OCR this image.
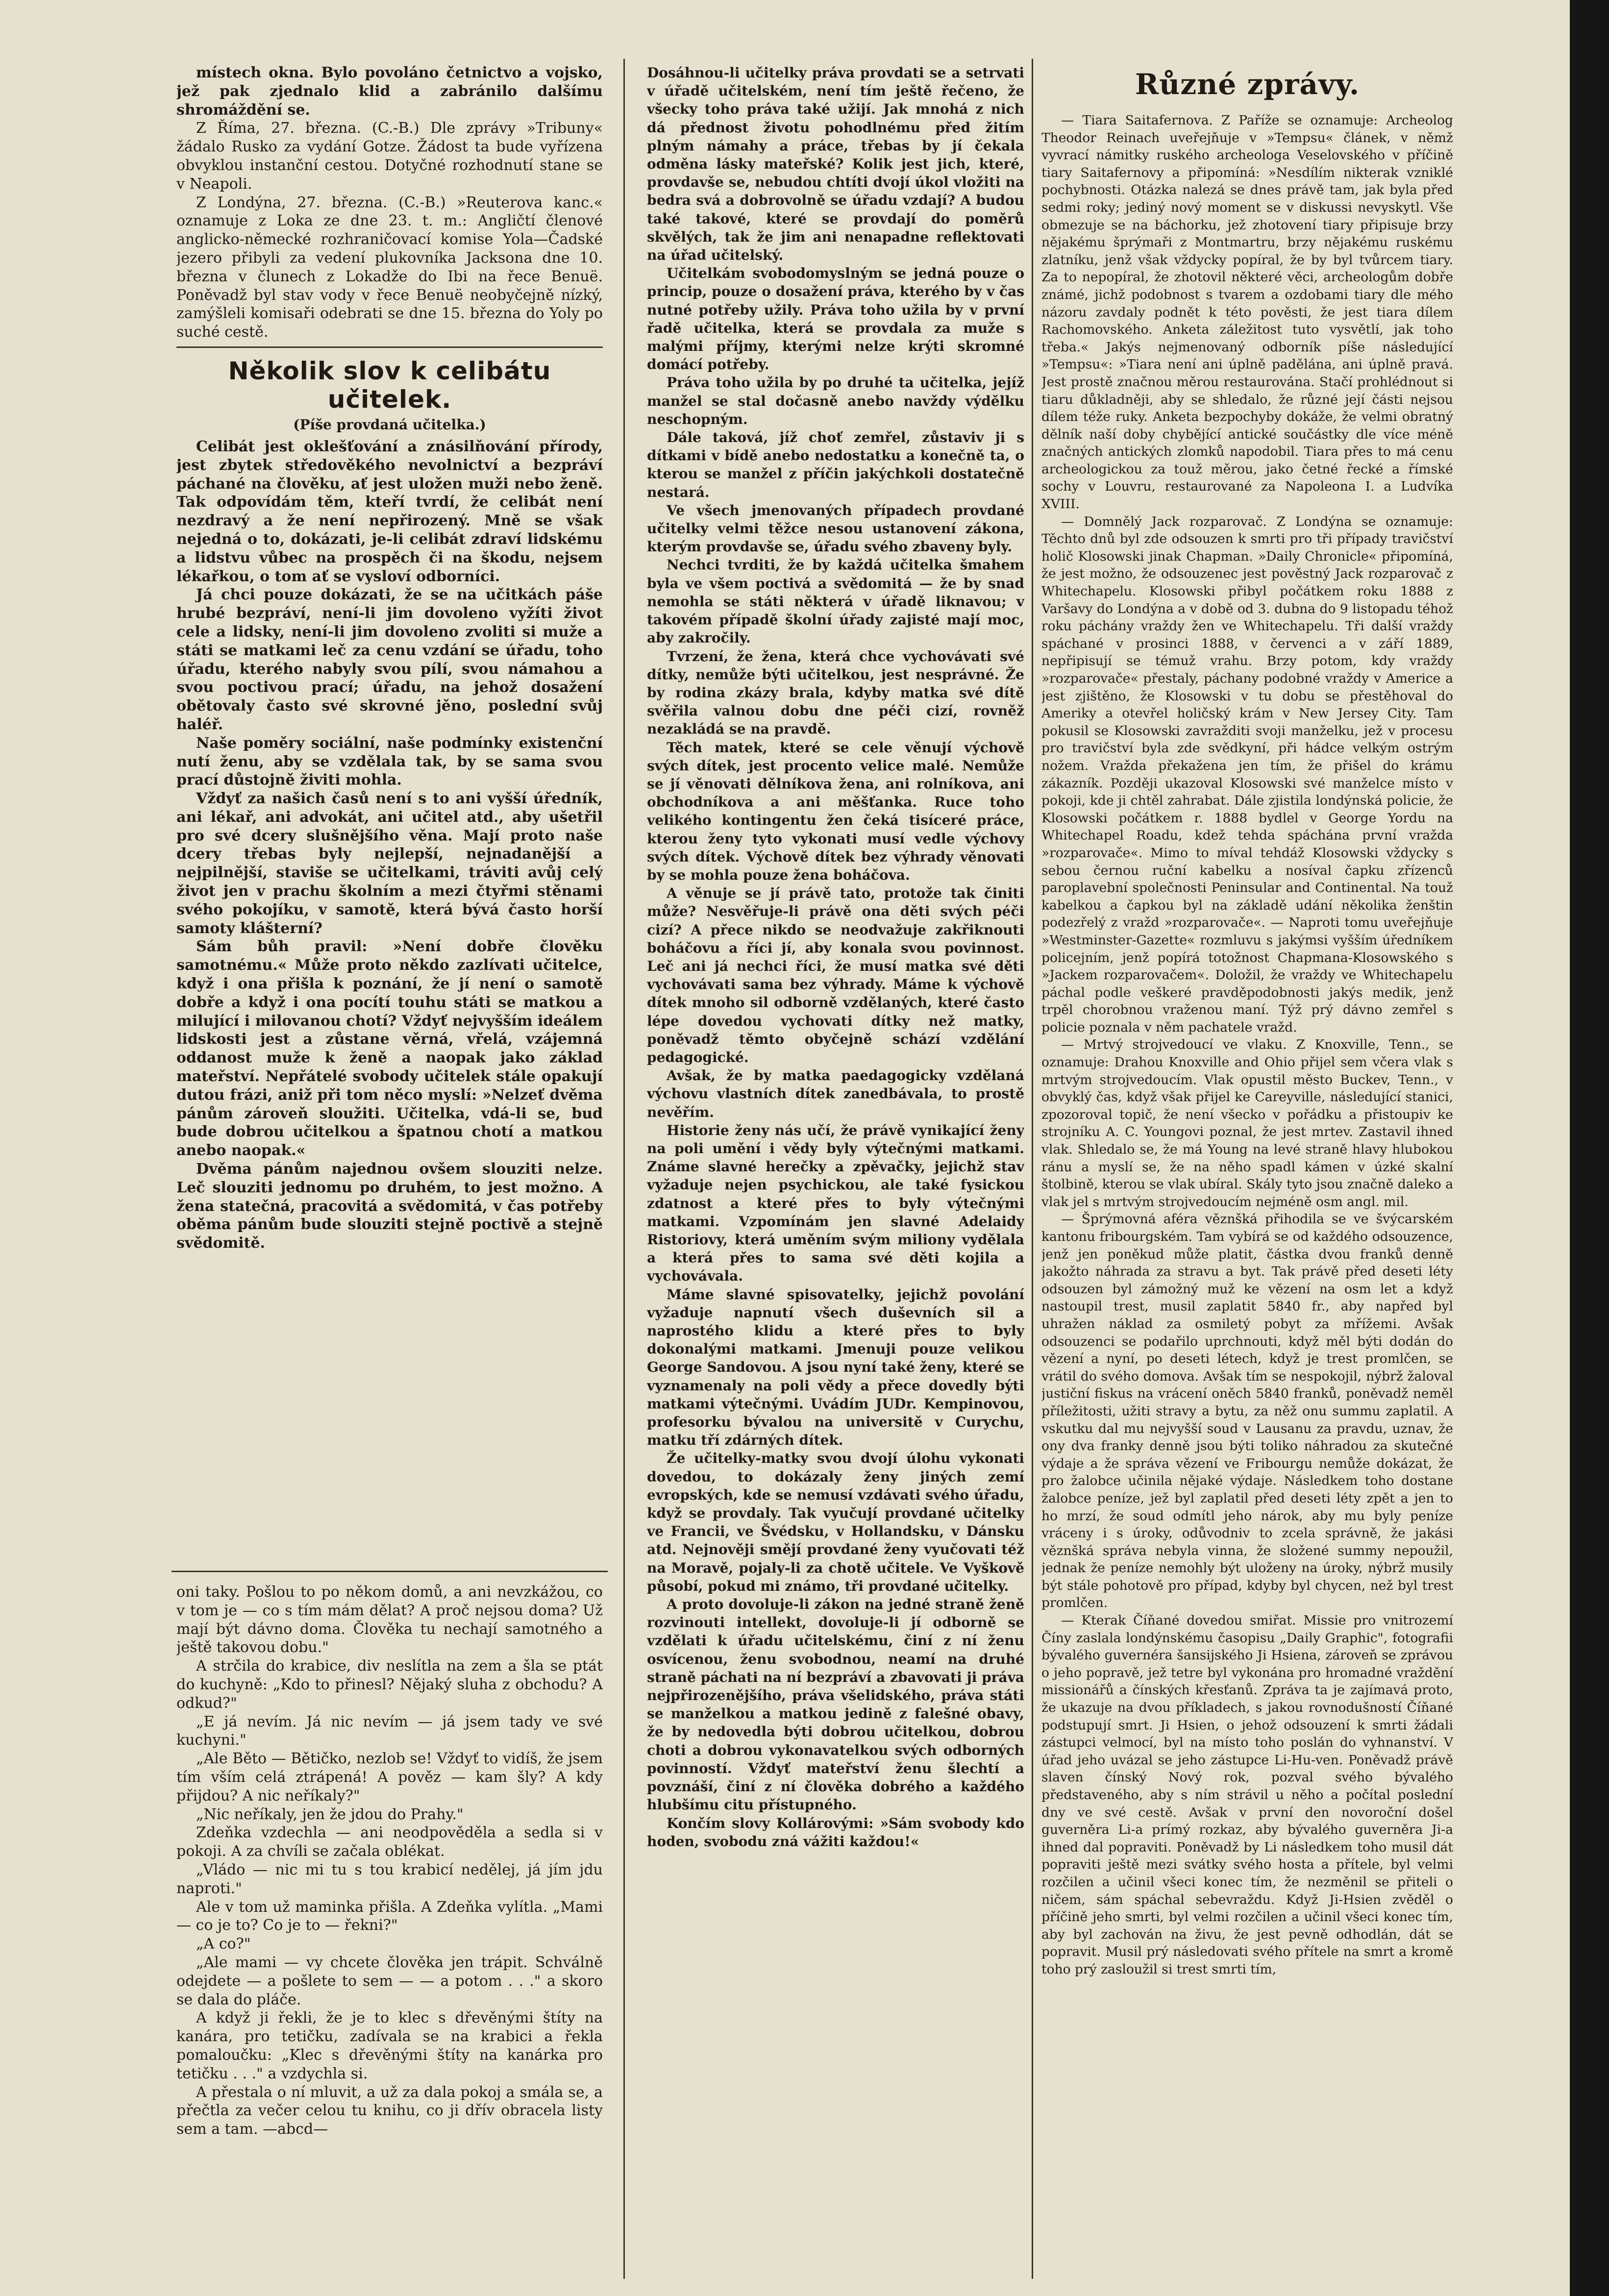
místech okna. Bylo povoláno četnictvo a vojsko, jež pak zjednalo klid a zabránilo dalšímu shromáždění se.

Z Říma, 27. března. (C.-B.) Dle zprávy »Tribuny« žádalo Rusko za vydání Gotze. Žádost ta bude vyřízena obvyklou instanční cestou. Dotyčné rozhodnutí stane se v Neapoli.

Z Londýna, 27. března. (C.-B.) »Reuterova kanc.« oznamuje z Loka ze dne 23. t. m.: Angličtí členové anglicko-německé rozhraničovací komise Yola—Čadské jezero přibyli za vedení plukovníka Jacksona dne 10. března v člunech z Lokadže do Ibi na řece Benuë. Poněvadž byl stav vody v řece Benuë neobyčejně nízký, zamýšleli komisaři odebrati se dne 15. března do Yoly po suché cestě.

Několik slov k celibátu učitelek.
(Píše provdaná učitelka.)

Celibát jest oklešťování a znásilňování přírody, jest zbytek středověkého nevolnictví a bezpráví páchané na člověku, ať jest uložen muži nebo ženě. Tak odpovídám těm, kteří tvrdí, že celibát není nezdravý a že není nepřirozený. Mně se však nejedná o to, dokázati, je-li celibát zdraví lidskému a lidstvu vůbec na prospěch či na škodu, nejsem lékařkou, o tom ať se vysloví odborníci.

Já chci pouze dokázati, že se na učitkách páše hrubé bezpráví, není-li jim dovoleno vyžíti život cele a lidsky, není-li jim dovoleno zvoliti si muže a státi se matkami leč za cenu vzdání se úřadu, toho úřadu, kterého nabyly svou pílí, svou námahou a svou poctivou prací; úřadu, na jehož dosažení obětovaly často své skrovné jěno, poslední svůj haléř.

Naše poměry sociální, naše podmínky existenční nutí ženu, aby se vzdělala tak, by se sama svou prací důstojně živiti mohla.

Vždyť za našich časů není s to ani vyšší úředník, ani lékař, ani advokát, ani učitel atd., aby ušetřil pro své dcery slušnějšího věna. Mají proto naše dcery třebas byly nejlepší, nejnadanější a nejpilnější, staviše se učitelkami, tráviti avůj celý život jen v prachu školním a mezi čtyřmi stěnami svého pokojíku, v samotě, která bývá často horší samoty klášterní?

Sám bůh pravil: »Není dobře člověku samotnému.« Může proto někdo zazlívati učitelce, když i ona přišla k poznání, že jí není o samotě dobře a když i ona pocítí touhu státi se matkou a milující i milovanou chotí? Vždyť nejvyšším ideálem lidskosti jest a zůstane věrná, vřelá, vzájemná oddanost muže k ženě a naopak jako základ mateřství. Nepřátelé svobody učitelek stále opakují dutou frázi, aniž při tom něco myslí: »Nelzeť dvěma pánům zároveň sloužiti. Učitelka, vdá-li se, buď bude dobrou učitelkou a špatnou chotí a matkou anebo naopak.«

Dvěma pánům najednou ovšem slouziti nelze. Leč slouziti jednomu po druhém, to jest možno. A žena statečná, pracovitá a svědomitá, v čas potřeby oběma pánům bude slouziti stejně poctivě a stejně svědomitě.

oni taky. Pošlou to po někom domů, a ani nevzkážou, co v tom je — co s tím mám dělat? A proč nejsou doma? Už mají být dávno doma. Člověka tu nechají samotného a ještě takovou dobu."

A strčila do krabice, div neslítla na zem a šla se ptát do kuchyně: „Kdo to přinesl? Nějaký sluha z obchodu? A odkud?"

„E já nevím. Já nic nevím — já jsem tady ve své kuchyni."

„Ale Běto — Bětičko, nezlob se! Vždyť to vidíš, že jsem tím vším celá ztrápená! A pověz — kam šly? A kdy přijdou? A nic neříkaly?"

„Nic neříkaly, jen že jdou do Prahy."

Zdeňka vzdechla — ani neodpověděla a sedla si v pokoji. A za chvíli se začala oblékat.

„Vládo — nic mi tu s tou krabicí nedělej, já jím jdu naproti."

Ale v tom už maminka přišla. A Zdeňka vylítla. „Mami — co je to? Co je to — řekni?"

„A co?"

„Ale mami — vy chcete člověka jen trápit. Schválně odejdete — a pošlete to sem — — a potom . . ." a skoro se dala do pláče.

A když ji řekli, že je to klec s dřevěnými štíty na kanára, pro tetičku, zadívala se na krabici a řekla pomaloučku: „Klec s dřevěnými štíty na kanárka pro tetičku . . ." a vzdychla si.

A přestala o ní mluvit, a už za dala pokoj a smála se, a přečtla za večer celou tu knihu, co ji dřív obracela listy sem a tam. —abcd—

Dosáhnou-li učitelky práva provdati se a setrvati v úřadě učitelském, není tím ještě řečeno, že všecky toho práva také užijí. Jak mnohá z nich dá přednost životu pohodlnému před žitím plným námahy a práce, třebas by jí čekala odměna lásky mateřské? Kolik jest jich, které, provdavše se, nebudou chtíti dvojí úkol vložiti na bedra svá a dobrovolně se úřadu vzdají? A budou také takové, které se provdají do poměrů skvělých, tak že jim ani nenapadne reflektovati na úřad učitelský.

Učitelkám svobodomyslným se jedná pouze o princip, pouze o dosažení práva, kterého by v čas nutné potřeby užily. Práva toho užila by v první řadě učitelka, která se provdala za muže s malými příjmy, kterými nelze krýti skromné domácí potřeby.

Práva toho užila by po druhé ta učitelka, jejíž manžel se stal dočasně anebo navždy výdělku neschopným.

Dále taková, jíž choť zemřel, zůstaviv ji s dítkami v bídě anebo nedostatku a konečně ta, o kterou se manžel z příčin jakýchkoli dostatečně nestará.

Ve všech jmenovaných případech provdané učitelky velmi těžce nesou ustanovení zákona, kterým provdavše se, úřadu svého zbaveny byly.

Nechci tvrditi, že by každá učitelka šmahem byla ve všem poctivá a svědomitá — že by snad nemohla se státi některá v úřadě liknavou; v takovém případě školní úřady zajisté mají moc, aby zakročily.

Tvrzení, že žena, která chce vychovávati své dítky, nemůže býti učitelkou, jest nesprávné. Že by rodina zkázy brala, kdyby matka své dítě svěřila valnou dobu dne péči cizí, rovněž nezakládá se na pravdě.

Těch matek, které se cele věnují výchově svých dítek, jest procento velice malé. Nemůže se jí věnovati dělníkova žena, ani rolníkova, ani obchodníkova a ani měšťanka. Ruce toho velikého kontingentu žen čeká tisíceré práce, kterou ženy tyto vykonati musí vedle výchovy svých dítek. Výchově dítek bez výhrady věnovati by se mohla pouze žena boháčova.

A věnuje se jí právě tato, protože tak činiti může? Nesvěřuje-li právě ona děti svých péči cizí? A přece nikdo se neodvažuje zakřiknouti boháčovu a říci jí, aby konala svou povinnost. Leč ani já nechci říci, že musí matka své děti vychovávati sama bez výhrady. Máme k výchově dítek mnoho sil odborně vzdělaných, které často lépe dovedou vychovati dítky než matky, poněvadž těmto obyčejně schází vzdělání pedagogické.

Avšak, že by matka paedagogicky vzdělaná výchovu vlastních dítek zanedbávala, to prostě nevěřím.

Historie ženy nás učí, že právě vynikající ženy na poli umění i vědy byly výtečnými matkami. Známe slavné herečky a zpěvačky, jejichž stav vyžaduje nejen psychickou, ale také fysickou zdatnost a které přes to byly výtečnými matkami. Vzpomínám jen slavné Adelaidy Ristoriovy, která uměním svým miliony vydělala a která přes to sama své děti kojila a vychovávala.

Máme slavné spisovatelky, jejichž povolání vyžaduje napnutí všech duševních sil a naprostého klidu a které přes to byly dokonalými matkami. Jmenuji pouze velikou George Sandovou. A jsou nyní také ženy, které se vyznamenaly na poli vědy a přece dovedly býti matkami výtečnými. Uvádím JUDr. Kempinovou, profesorku bývalou na universitě v Curychu, matku tří zdárných dítek.

Že učitelky-matky svou dvojí úlohu vykonati dovedou, to dokázaly ženy jiných zemí evropských, kde se nemusí vzdávati svého úřadu, když se provdaly. Tak vyučují provdané učitelky ve Francii, ve Švédsku, v Hollandsku, v Dánsku atd. Nejnověji smějí provdané ženy vyučovati též na Moravě, pojaly-li za chotě učitele. Ve Vyškově působí, pokud mi známo, tři provdané učitelky.

A proto dovoluje-li zákon na jedné straně ženě rozvinouti intellekt, dovoluje-li jí odborně se vzdělati k úřadu učitelskému, činí z ní ženu osvícenou, ženu svobodnou, neamí na druhé straně páchati na ní bezpráví a zbavovati ji práva nejpřirozenějšího, práva všelidského, práva státi se manželkou a matkou jedině z falešné obavy, že by nedovedla býti dobrou učitelkou, dobrou choti a dobrou vykonavatelkou svých odborných povinností. Vždyť mateřství ženu šlechtí a povznáší, činí z ní člověka dobrého a každého hlubšímu citu přístupného.

Končím slovy Kollárovými: »Sám svobody kdo hoden, svobodu zná vážiti každou!«

Různé zprávy.

— Tiara Saitafernova. Z Paříže se oznamuje: Archeolog Theodor Reinach uveřejňuje v »Tempsu« článek, v němž vyvrací námitky ruského archeologa Veselovského v příčině tiary Saitafernovy a připomíná: »Nesdílím nikterak vzniklé pochybnosti. Otázka nalezá se dnes právě tam, jak byla před sedmi roky; jediný nový moment se v diskussi nevyskytl. Vše obmezuje se na báchorku, jež zhotovení tiary připisuje brzy nějakému šprýmaři z Montmartru, brzy nějakému ruskému zlatníku, jenž však vždycky popíral, že by byl tvůrcem tiary. Za to nepopíral, že zhotovil některé věci, archeologům dobře známé, jichž podobnost s tvarem a ozdobami tiary dle mého názoru zavdaly podnět k této pověsti, že jest tiara dílem Rachomovského. Anketa záležitost tuto vysvětlí, jak toho třeba.« Jakýs nejmenovaný odborník píše následující »Tempsu«: »Tiara není ani úplně padělána, ani úplně pravá. Jest prostě značnou měrou restaurována. Stačí prohlédnout si tiaru důkladněji, aby se shledalo, že různé její části nejsou dílem téže ruky. Anketa bezpochyby dokáže, že velmi obratný dělník naší doby chybějící antické součástky dle více méně značných antických zlomků napodobil. Tiara přes to má cenu archeologickou za touž měrou, jako četné řecké a římské sochy v Louvru, restaurované za Napoleona I. a Ludvíka XVIII.

— Domnělý Jack rozparovač. Z Londýna se oznamuje: Těchto dnů byl zde odsouzen k smrti pro tři případy travičství holič Klosowski jinak Chapman. »Daily Chronicle« připomíná, že jest možno, že odsouzenec jest pověstný Jack rozparovač z Whitechapelu. Klosowski přibyl počátkem roku 1888 z Varšavy do Londýna a v době od 3. dubna do 9 listopadu téhož roku páchány vraždy žen ve Whitechapelu. Tři další vraždy spáchané v prosinci 1888, v červenci a v září 1889, nepřipisují se témuž vrahu. Brzy potom, kdy vraždy »rozparovače« přestaly, páchany podobné vraždy v Americe a jest zjištěno, že Klosowski v tu dobu se přestěhoval do Ameriky a otevřel holičský krám v New Jersey City. Tam pokusil se Klosowski zavražditi svoji manželku, jež v procesu pro travičství byla zde svědkyní, při hádce velkým ostrým nožem. Vražda překažena jen tím, že přišel do krámu zákazník. Později ukazoval Klosowski své manželce místo v pokoji, kde ji chtěl zahrabat. Dále zjistila londýnská policie, že Klosowski počátkem r. 1888 bydlel v George Yordu na Whitechapel Roadu, kdež tehda spáchána první vražda »rozparovače«. Mimo to míval tehdáž Klosowski vždycky s sebou černou ruční kabelku a nosíval čapku zřízenců paroplavební společnosti Peninsular and Continental. Na touž kabelkou a čapkou byl na základě udání několika ženštin podezřelý z vražd »rozparovače«. — Naproti tomu uveřejňuje »Westminster-Gazette« rozmluvu s jakýmsi vyšším úředníkem policejním, jenž popírá totožnost Chapmana-Klosowského s »Jackem rozparovačem«. Doložil, že vraždy ve Whitechapelu páchal podle veškeré pravděpodobnosti jakýs medik, jenž trpěl chorobnou vraženou maní. Týž prý dávno zemřel s policie poznala v něm pachatele vražd.

— Mrtvý strojvedoucí ve vlaku. Z Knoxville, Tenn., se oznamuje: Drahou Knoxville and Ohio přijel sem včera vlak s mrtvým strojvedoucím. Vlak opustil město Buckev, Tenn., v obvyklý čas, když však přijel ke Careyville, následující stanici, zpozoroval topič, že není všecko v pořádku a přistoupiv ke strojníku A. C. Youngovi poznal, že jest mrtev. Zastavil ihned vlak. Shledalo se, že má Young na levé straně hlavy hlubokou ránu a myslí se, že na něho spadl kámen v úzké skalní štolbině, kterou se vlak ubíral. Skály tyto jsou značně daleko a vlak jel s mrtvým strojvedoucím nejméně osm angl. mil.

— Šprýmovná aféra věznšká přihodila se ve švýcarském kantonu fribourgském. Tam vybírá se od každého odsouzence, jenž jen poněkud může platit, částka dvou franků denně jakožto náhrada za stravu a byt. Tak právě před deseti léty odsouzen byl zámožný muž ke vězení na osm let a když nastoupil trest, musil zaplatit 5840 fr., aby napřed byl uhražen náklad za osmiletý pobyt za mřížemi. Avšak odsouzenci se podařilo uprchnouti, když měl býti dodán do vězení a nyní, po deseti létech, když je trest promlčen, se vrátil do svého domova. Avšak tím se nespokojil, nýbrž žaloval justiční fiskus na vrácení oněch 5840 franků, poněvadž neměl příležitosti, užiti stravy a bytu, za něž onu summu zaplatil. A vskutku dal mu nejvyšší soud v Lausanu za pravdu, uznav, že ony dva franky denně jsou býti toliko náhradou za skutečné výdaje a že správa vězení ve Fribourgu nemůže dokázat, že pro žalobce učinila nějaké výdaje. Následkem toho dostane žalobce peníze, jež byl zaplatil před deseti léty zpět a jen to ho mrzí, že soud odmítl jeho nárok, aby mu byly peníze vráceny i s úroky, odůvodniv to zcela správně, že jakási věznšká správa nebyla vinna, že složené summy nepoužil, jednak že peníze nemohly být uloženy na úroky, nýbrž musily být stále pohotově pro případ, kdyby byl chycen, než byl trest promlčen.

— Kterak Číňané dovedou smiřat. Missie pro vnitrozemí Číny zaslala londýnskému časopisu „Daily Graphic", fotografii bývalého guvernéra šansijského Ji Hsiena, zároveň se zprávou o jeho popravě, jež tetre byl vykonána pro hromadné vraždění missionářů a čínských křesťanů. Zpráva ta je zajímavá proto, že ukazuje na dvou příkladech, s jakou rovnodušností Číňané podstupují smrt. Ji Hsien, o jehož odsouzení k smrti žádali zástupci velmocí, byl na místo toho poslán do vyhnanství. V úřad jeho uvázal se jeho zástupce Li-Hu-ven. Poněvadž právě slaven čínský Nový rok, pozval svého bývalého představeného, aby s ním strávil u něho a počítal poslední dny ve své cestě. Avšak v první den novoroční došel guverněra Li-a prímý rozkaz, aby bývalého guverněra Ji-a ihned dal popraviti. Poněvadž by Li následkem toho musil dát popraviti ještě mezi svátky svého hosta a přítele, byl velmi rozčilen a učinil všeci konec tím, že nezměnil se přiteli o ničem, sám spáchal sebevraždu. Když Ji-Hsien zvěděl o příčině jeho smrti, byl velmi rozčilen a učinil všeci konec tím, aby byl zachován na živu, že jest pevně odhodlán, dát se popravit. Musil prý následovati svého přítele na smrt a kromě toho prý zasloužil si trest smrti tím,
